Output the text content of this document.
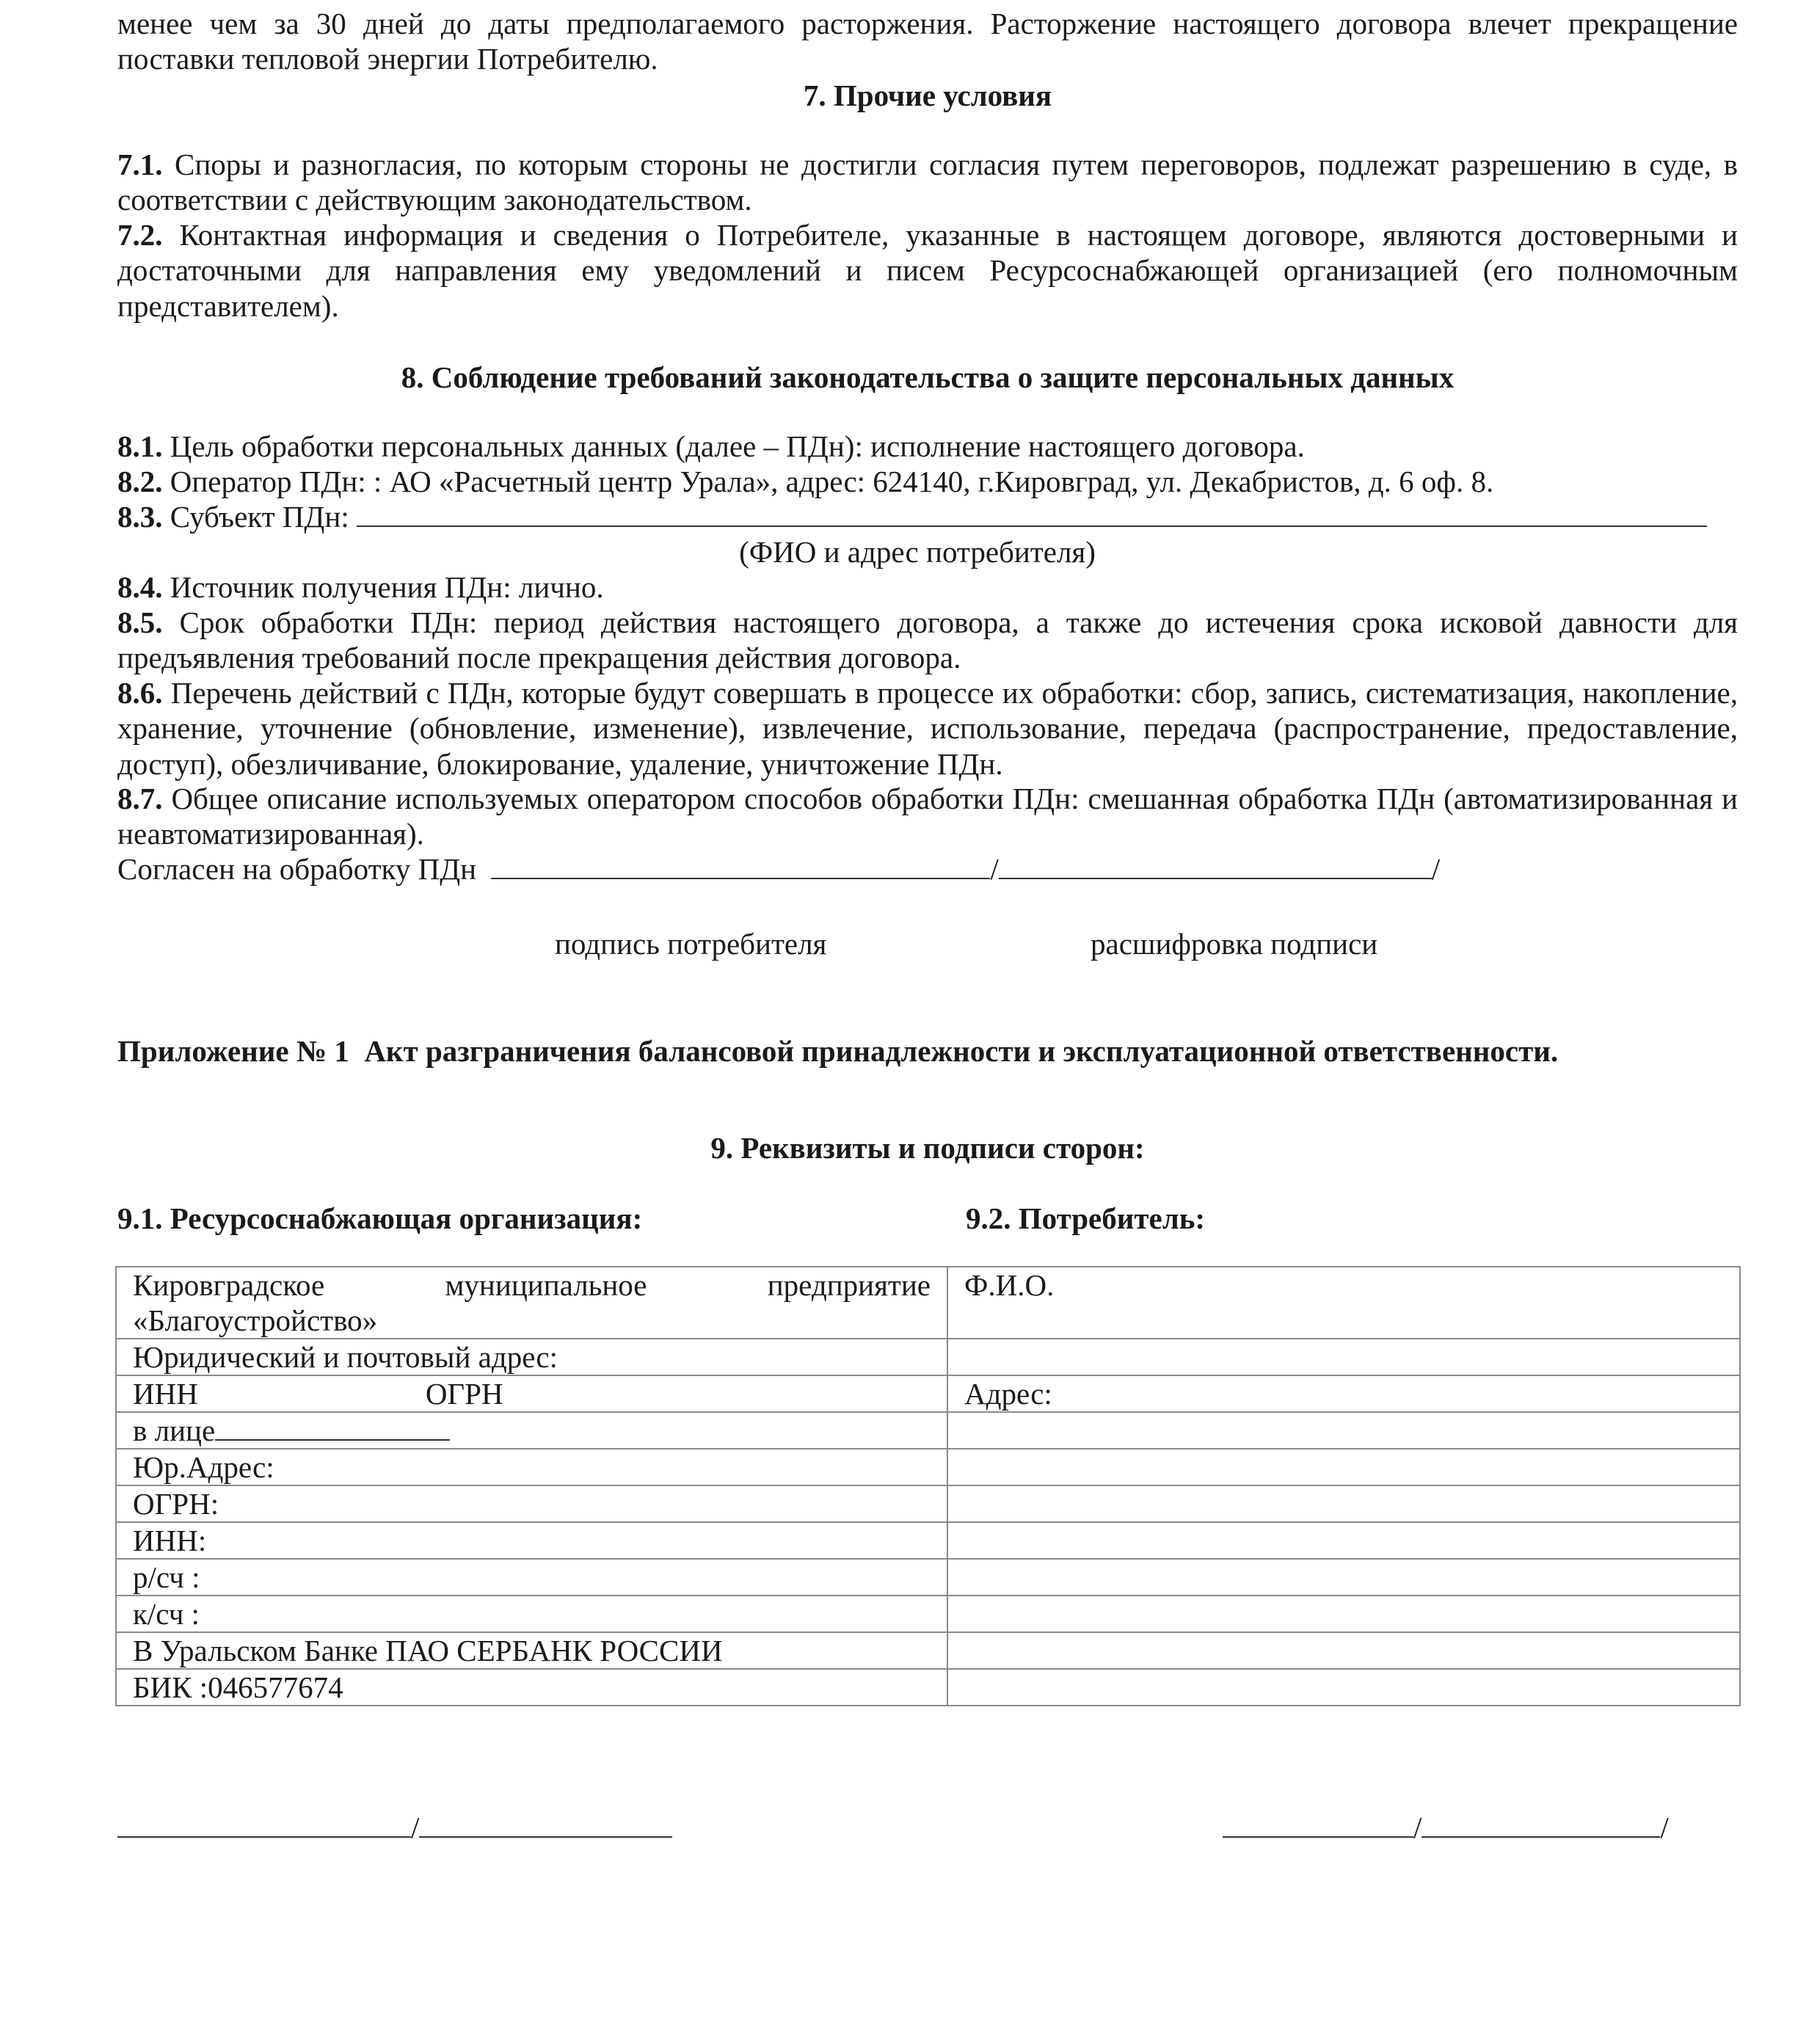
менее чем за 30 дней до даты предполагаемого расторжения. Расторжение настоящего договора влечет прекращение

поставки тепловой энергии Потребителю.

7. Прочие условия

7.1. Споры и разногласия, по которым стороны не достигли согласия путем переговоров, подлежат разрешению в суде, в соответствии с действующим законодательством.

7.2. Контактная информация и сведения о Потребителе, указанные в настоящем договоре, являются достоверными и достаточными для направления ему уведомлений и писем Ресурсоснабжающей организацией (его полномочным представителем).

8. Соблюдение требований законодательства о защите персональных данных

8.1. Цель обработки персональных данных (далее – ПДн): исполнение настоящего договора.

8.2. Оператор ПДн: : АО «Расчетный центр Урала», адрес: 624140, г.Кировград, ул. Декабристов, д. 6 оф. 8.

8.3. Субъект ПДн:

(ФИО и адрес потребителя)

8.4. Источник получения ПДн: лично.

8.5. Срок обработки ПДн: период действия настоящего договора, а также до истечения срока исковой давности для предъявления требований после прекращения действия договора.

8.6. Перечень действий с ПДн, которые будут совершать в процессе их обработки: сбор, запись, систематизация, накопление, хранение, уточнение (обновление, изменение), извлечение, использование, передача (распространение, предоставление, доступ), обезличивание, блокирование, удаление, уничтожение ПДн.

8.7. Общее описание используемых оператором способов обработки ПДн: смешанная обработка ПДн (автоматизированная и неавтоматизированная).

Согласен на обработку ПДн	/	/

подпись потребителя	расшифровка подписи

Приложение № 1 Акт разграничения балансовой принадлежности и эксплуатационной ответственности.

9. Реквизиты и подписи сторон:

9.1. Ресурсоснабжающая организация:	9.2. Потребитель:

Кировградское муниципальное предприятие
«Благоустройство»	Ф.И.О.
Юридический и почтовый адрес:	
ИНН ОГРН	Адрес:
в лице	
Юр.Адрес:	
ОГРН:	
ИНН:	
р/сч :	
к/сч :	
В Уральском Банке ПАО СЕРБАНК РОССИИ	
БИК :046577674	

/	/	/
